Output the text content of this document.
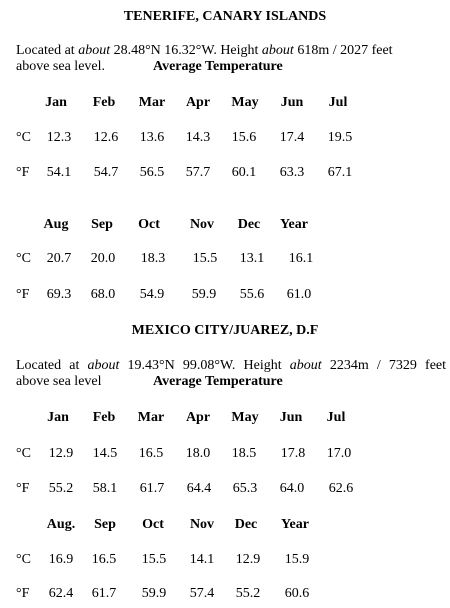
TENERIFE, CANARY ISLANDS
Located at about 28.48°N 16.32°W. Height about 618m / 2027 feet
above sea level.	Average Temperature
Jan	Feb	Mar	Apr	May	Jun	Jul
°C	12.3	12.6	13.6	14.3	15.6	17.4	19.5
°F	54.1	54.7	56.5	57.7	60.1	63.3	67.1
Aug	Sep	Oct	Nov	Dec	Year
°C	20.7	20.0	18.3	15.5	13.1	16.1
°F	69.3	68.0	54.9	59.9	55.6	61.0
MEXICO CITY/JUAREZ, D.F
Located at about 19.43°N 99.08°W. Height about 2234m / 7329 feet
above sea level	Average Temperature
Jan	Feb	Mar	Apr	May	Jun	Jul
°C	12.9	14.5	16.5	18.0	18.5	17.8	17.0
°F	55.2	58.1	61.7	64.4	65.3	64.0	62.6
Aug.	Sep	Oct	Nov	Dec	Year
°C	16.9	16.5	15.5	14.1	12.9	15.9
°F	62.4	61.7	59.9	57.4	55.2	60.6
